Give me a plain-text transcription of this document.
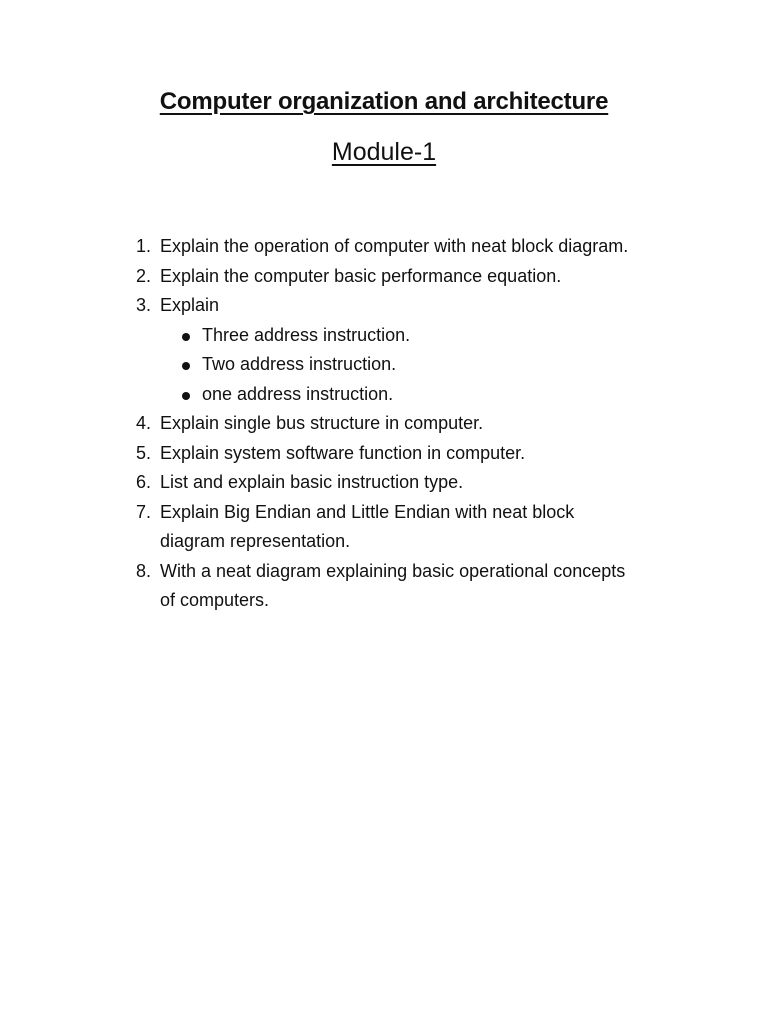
Computer organization and architecture
Module-1
1. Explain the operation of computer with neat block diagram.
2. Explain the computer basic performance equation.
3. Explain
Three address instruction.
Two address instruction.
one address instruction.
4. Explain single bus structure in computer.
5. Explain system software function in computer.
6. List and explain basic instruction type.
7. Explain Big Endian and Little Endian with neat block diagram representation.
8. With a neat diagram explaining basic operational concepts of computers.
